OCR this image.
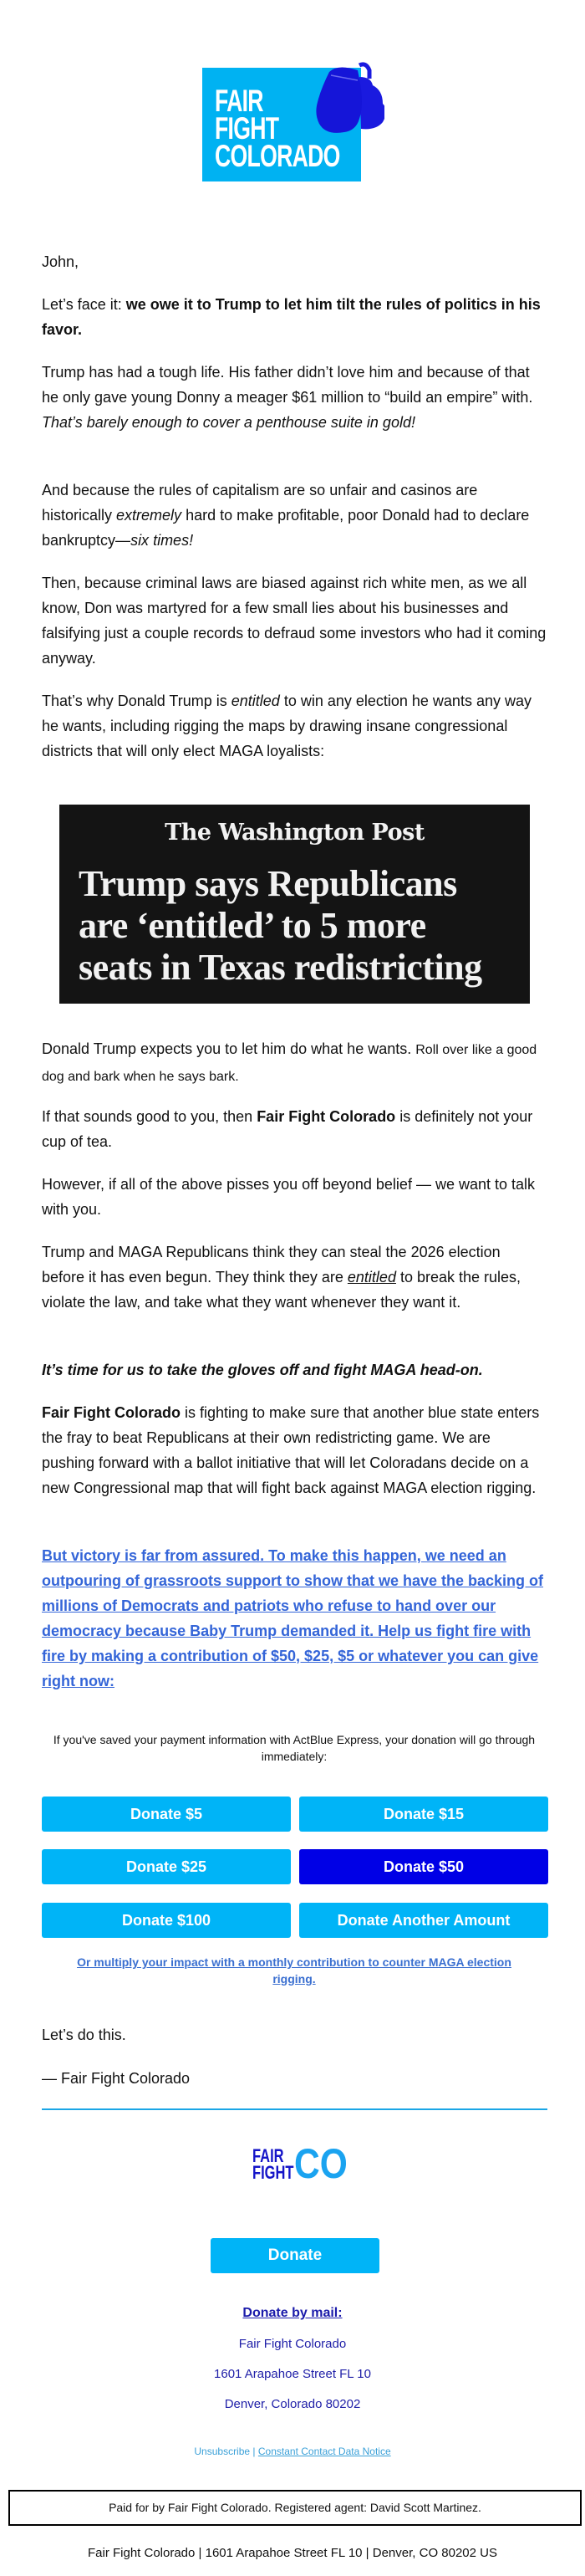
FAIR
FIGHT
COLORADO

John,

Let’s face it: we owe it to Trump to let him tilt the rules of politics in his favor.

Trump has had a tough life. His father didn’t love him and because of that he only gave young Donny a meager $61 million to “build an empire” with. That’s barely enough to cover a penthouse suite in gold!

And because the rules of capitalism are so unfair and casinos are historically extremely hard to make profitable, poor Donald had to declare bankruptcy—six times!

Then, because criminal laws are biased against rich white men, as we all know, Don was martyred for a few small lies about his businesses and falsifying just a couple records to defraud some investors who had it coming anyway.

That’s why Donald Trump is entitled to win any election he wants any way he wants, including rigging the maps by drawing insane congressional districts that will only elect MAGA loyalists:

The Washington Post
Trump says Republicans
are ‘entitled’ to 5 more
seats in Texas redistricting

Donald Trump expects you to let him do what he wants. Roll over like a good dog and bark when he says bark.

If that sounds good to you, then Fair Fight Colorado is definitely not your cup of tea.

However, if all of the above pisses you off beyond belief — we want to talk with you.

Trump and MAGA Republicans think they can steal the 2026 election before it has even begun. They think they are entitled to break the rules, violate the law, and take what they want whenever they want it.

It’s time for us to take the gloves off and fight MAGA head-on.

Fair Fight Colorado is fighting to make sure that another blue state enters the fray to beat Republicans at their own redistricting game. We are pushing forward with a ballot initiative that will let Coloradans decide on a new Congressional map that will fight back against MAGA election rigging.

But victory is far from assured. To make this happen, we need an outpouring of grassroots support to show that we have the backing of millions of Democrats and patriots who refuse to hand over our democracy because Baby Trump demanded it. Help us fight fire with fire by making a contribution of $50, $25, $5 or whatever you can give right now:

If you've saved your payment information with ActBlue Express, your donation will go through immediately:

Donate $5	Donate $15
Donate $25	Donate $50
Donate $100	Donate Another Amount

Or multiply your impact with a monthly contribution to counter MAGA election rigging.

Let’s do this.

— Fair Fight Colorado

FAIR
FIGHT CO
Donate
Donate by mail:
Fair Fight Colorado
1601 Arapahoe Street FL 10
Denver, Colorado 80202
Unsubscribe | Constant Contact Data Notice
Paid for by Fair Fight Colorado. Registered agent: David Scott Martinez.
Fair Fight Colorado | 1601 Arapahoe Street FL 10 | Denver, CO 80202 US
